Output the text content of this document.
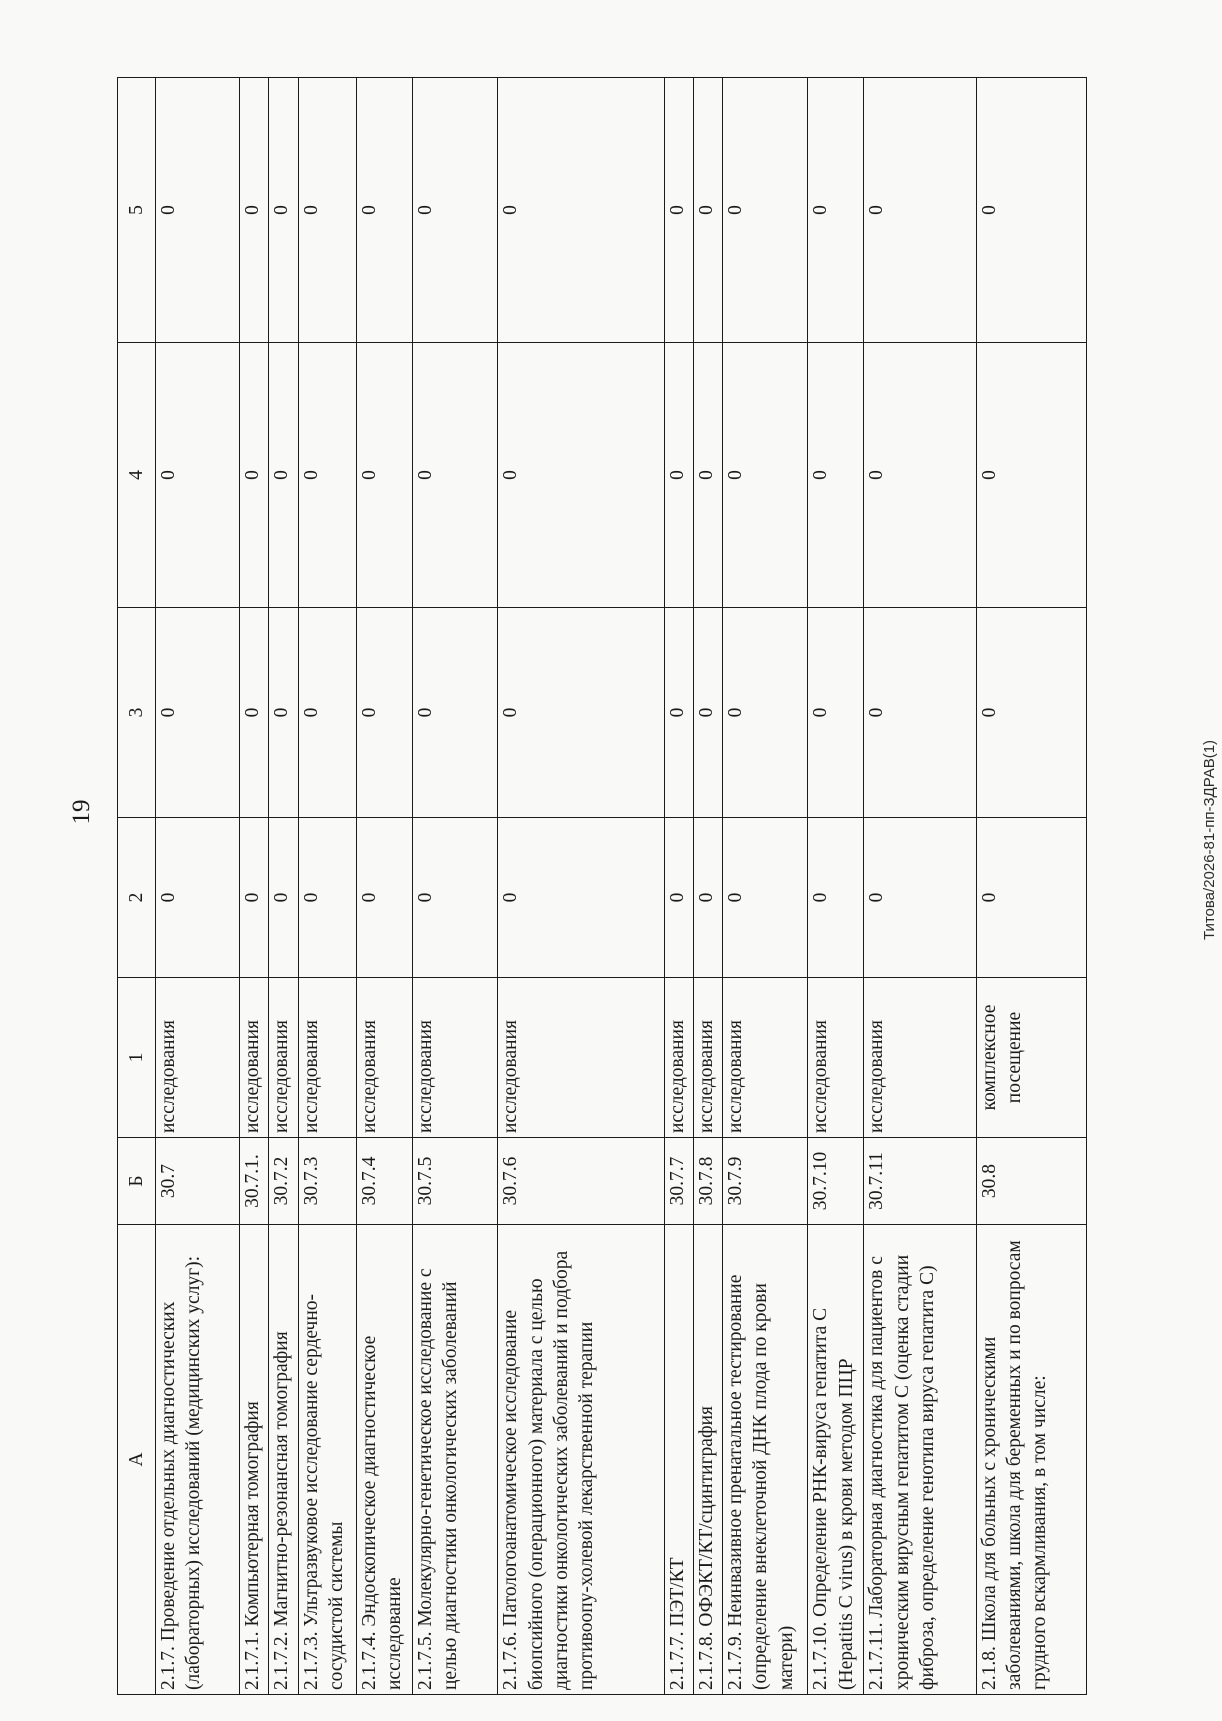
19	Титова/2026-81-пп-ЗДРАВ(1)
А	Б	1	2	3	4	5
2.1.7. Проведение отдельных диагностических (лабораторных) исследований (медицинских услуг):	30.7	исследования	0	0	0	0
2.1.7.1. Компьютерная томография	30.7.1.	исследования	0	0	0	0
2.1.7.2. Магнитно-резонансная томография	30.7.2	исследования	0	0	0	0
2.1.7.3. Ультразвуковое исследование сердечно-сосудистой системы	30.7.3	исследования	0	0	0	0
2.1.7.4. Эндоскопическое диагностическое исследование	30.7.4	исследования	0	0	0	0
2.1.7.5. Молекулярно-генетическое исследование с целью диагностики онкологических заболеваний	30.7.5	исследования	0	0	0	0
2.1.7.6. Патологоанатомическое исследование биопсийного (операционного) материала с целью диагностики онкологических заболеваний и подбора противоопу-холевой лекарственной терапии	30.7.6	исследования	0	0	0	0
2.1.7.7. ПЭТ/КТ	30.7.7	исследования	0	0	0	0
2.1.7.8. ОФЭКТ/КТ/сцинтиграфия	30.7.8	исследования	0	0	0	0
2.1.7.9. Неинвазивное пренатальное тестирование (определение внеклеточной ДНК плода по крови матери)	30.7.9	исследования	0	0	0	0
2.1.7.10. Определение РНК-вируса гепатита C (Hepatitis C virus) в крови методом ПЦР	30.7.10	исследования	0	0	0	0
2.1.7.11. Лабораторная диагностика для пациентов с хроническим вирусным гепатитом С (оценка стадии фиброза, определение генотипа вируса гепатита С)	30.7.11	исследования	0	0	0	0
2.1.8. Школа для больных с хроническими заболеваниями, школа для беременных и по вопросам грудного вскармливания, в том числе:	30.8	комплексное посещение	0	0	0	0
